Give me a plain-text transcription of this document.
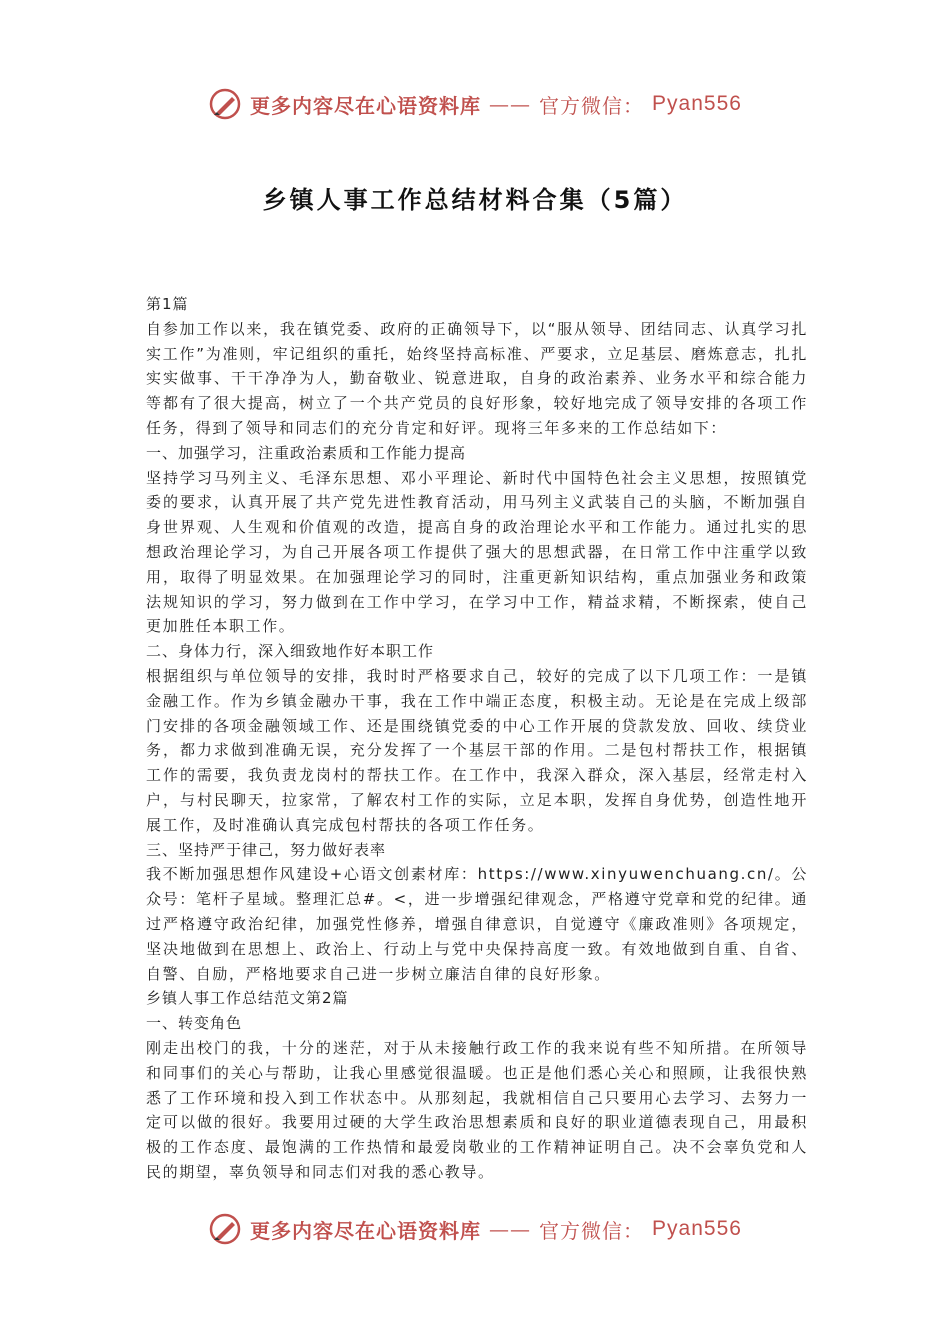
更多内容尽在心语资料库 —— 官方微信： Pyan556
乡镇人事工作总结材料合集（5篇）

第1篇

自参加工作以来，我在镇党委、政府的正确领导下，以“服从领导、团结同志、认真学习扎实工作”为准则，牢记组织的重托，始终坚持高标准、严要求，立足基层、磨炼意志，扎扎实实做事、干干净净为人，勤奋敬业、锐意进取，自身的政治素养、业务水平和综合能力等都有了很大提高，树立了一个共产党员的良好形象，较好地完成了领导安排的各项工作任务，得到了领导和同志们的充分肯定和好评。现将三年多来的工作总结如下：

一、加强学习，注重政治素质和工作能力提高

坚持学习马列主义、毛泽东思想、邓小平理论、新时代中国特色社会主义思想，按照镇党委的要求，认真开展了共产党先进性教育活动，用马列主义武装自己的头脑，不断加强自身世界观、人生观和价值观的改造，提高自身的政治理论水平和工作能力。通过扎实的思想政治理论学习，为自己开展各项工作提供了强大的思想武器，在日常工作中注重学以致用，取得了明显效果。在加强理论学习的同时，注重更新知识结构，重点加强业务和政策法规知识的学习，努力做到在工作中学习，在学习中工作，精益求精，不断探索，使自己更加胜任本职工作。

二、身体力行，深入细致地作好本职工作

根据组织与单位领导的安排，我时时严格要求自己，较好的完成了以下几项工作：一是镇金融工作。作为乡镇金融办干事，我在工作中端正态度，积极主动。无论是在完成上级部门安排的各项金融领域工作、还是围绕镇党委的中心工作开展的贷款发放、回收、续贷业务，都力求做到准确无误，充分发挥了一个基层干部的作用。二是包村帮扶工作，根据镇工作的需要，我负责龙岗村的帮扶工作。在工作中，我深入群众，深入基层，经常走村入户，与村民聊天，拉家常，了解农村工作的实际，立足本职，发挥自身优势，创造性地开展工作，及时准确认真完成包村帮扶的各项工作任务。

三、坚持严于律己，努力做好表率

我不断加强思想作风建设+心语文创素材库：https://www.xinyuwenchuang.cn/。公众号：笔杆子星域。整理汇总#。<，进一步增强纪律观念，严格遵守党章和党的纪律。通过严格遵守政治纪律，加强党性修养，增强自律意识，自觉遵守《廉政准则》各项规定，坚决地做到在思想上、政治上、行动上与党中央保持高度一致。有效地做到自重、自省、自警、自励，严格地要求自己进一步树立廉洁自律的良好形象。

乡镇人事工作总结范文第2篇

一、转变角色

刚走出校门的我，十分的迷茫，对于从未接触行政工作的我来说有些不知所措。在所领导和同事们的关心与帮助，让我心里感觉很温暖。也正是他们悉心关心和照顾，让我很快熟悉了工作环境和投入到工作状态中。从那刻起，我就相信自己只要用心去学习、去努力一定可以做的很好。我要用过硬的大学生政治思想素质和良好的职业道德表现自己，用最积极的工作态度、最饱满的工作热情和最爱岗敬业的工作精神证明自己。决不会辜负党和人民的期望，辜负领导和同志们对我的悉心教导。

更多内容尽在心语资料库 —— 官方微信： Pyan556
